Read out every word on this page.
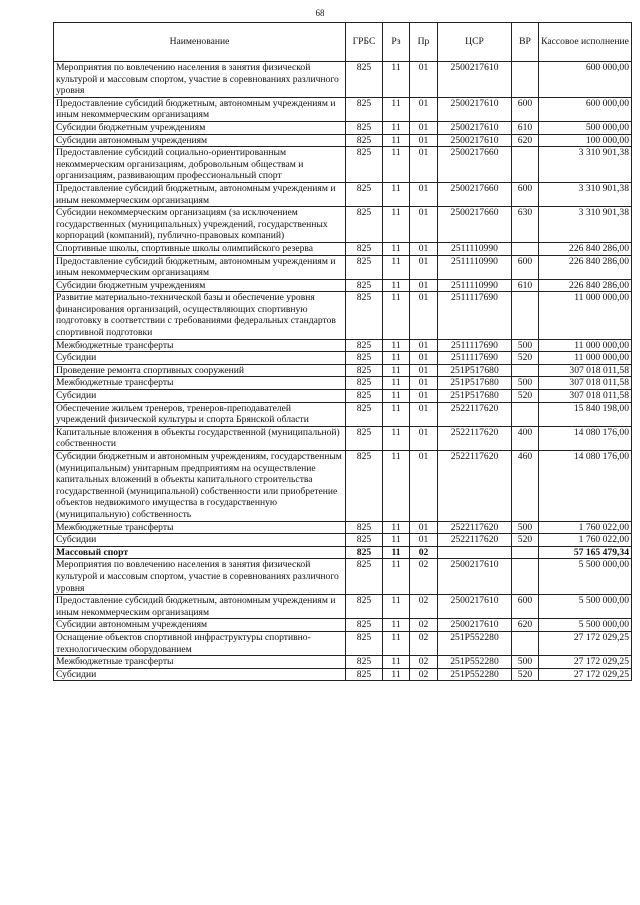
68
Наименование	ГРБС	Рз	Пр	ЦСР	ВР	Кассовое исполнение
Мероприятия по вовлечению населения в занятия физической культурой и массовым спортом, участие в соревнованиях различного уровня	825	11	01	2500217610		600 000,00
Предоставление субсидий бюджетным, автономным учреждениям и иным некоммерческим организациям	825	11	01	2500217610	600	600 000,00
Субсидии бюджетным учреждениям	825	11	01	2500217610	610	500 000,00
Субсидии автономным учреждениям	825	11	01	2500217610	620	100 000,00
Предоставление субсидий социально-ориентированным некоммерческим организациям, добровольным обществам и организациям, развивающим профессиональный спорт	825	11	01	2500217660		3 310 901,38
Предоставление субсидий бюджетным, автономным учреждениям и иным некоммерческим организациям	825	11	01	2500217660	600	3 310 901,38
Субсидии некоммерческим организациям (за исключением государственных (муниципальных) учреждений, государственных корпораций (компаний), публично-правовых компаний)	825	11	01	2500217660	630	3 310 901,38
Спортивные школы, спортивные школы олимпийского резерва	825	11	01	2511110990		226 840 286,00
Предоставление субсидий бюджетным, автономным учреждениям и иным некоммерческим организациям	825	11	01	2511110990	600	226 840 286,00
Субсидии бюджетным учреждениям	825	11	01	2511110990	610	226 840 286,00
Развитие материально-технической базы и обеспечение уровня финансирования организаций, осуществляющих спортивную подготовку в соответствии с требованиями федеральных стандартов спортивной подготовки	825	11	01	2511117690		11 000 000,00
Межбюджетные трансферты	825	11	01	2511117690	500	11 000 000,00
Субсидии	825	11	01	2511117690	520	11 000 000,00
Проведение ремонта спортивных сооружений	825	11	01	251P517680		307 018 011,58
Межбюджетные трансферты	825	11	01	251P517680	500	307 018 011,58
Субсидии	825	11	01	251P517680	520	307 018 011,58
Обеспечение жильем тренеров, тренеров-преподавателей учреждений физической культуры и спорта Брянской области	825	11	01	2522117620		15 840 198,00
Капитальные вложения в объекты государственной (муниципальной) собственности	825	11	01	2522117620	400	14 080 176,00
Субсидии бюджетным и автономным учреждениям, государственным (муниципальным) унитарным предприятиям на осуществление капитальных вложений в объекты капитального строительства государственной (муниципальной) собственности или приобретение объектов недвижимого имущества в государственную (муниципальную) собственность	825	11	01	2522117620	460	14 080 176,00
Межбюджетные трансферты	825	11	01	2522117620	500	1 760 022,00
Субсидии	825	11	01	2522117620	520	1 760 022,00
Массовый спорт	825	11	02			57 165 479,34
Мероприятия по вовлечению населения в занятия физической культурой и массовым спортом, участие в соревнованиях различного уровня	825	11	02	2500217610		5 500 000,00
Предоставление субсидий бюджетным, автономным учреждениям и иным некоммерческим организациям	825	11	02	2500217610	600	5 500 000,00
Субсидии автономным учреждениям	825	11	02	2500217610	620	5 500 000,00
Оснащение объектов спортивной инфраструктуры спортивно-технологическим оборудованием	825	11	02	251P552280		27 172 029,25
Межбюджетные трансферты	825	11	02	251P552280	500	27 172 029,25
Субсидии	825	11	02	251P552280	520	27 172 029,25
